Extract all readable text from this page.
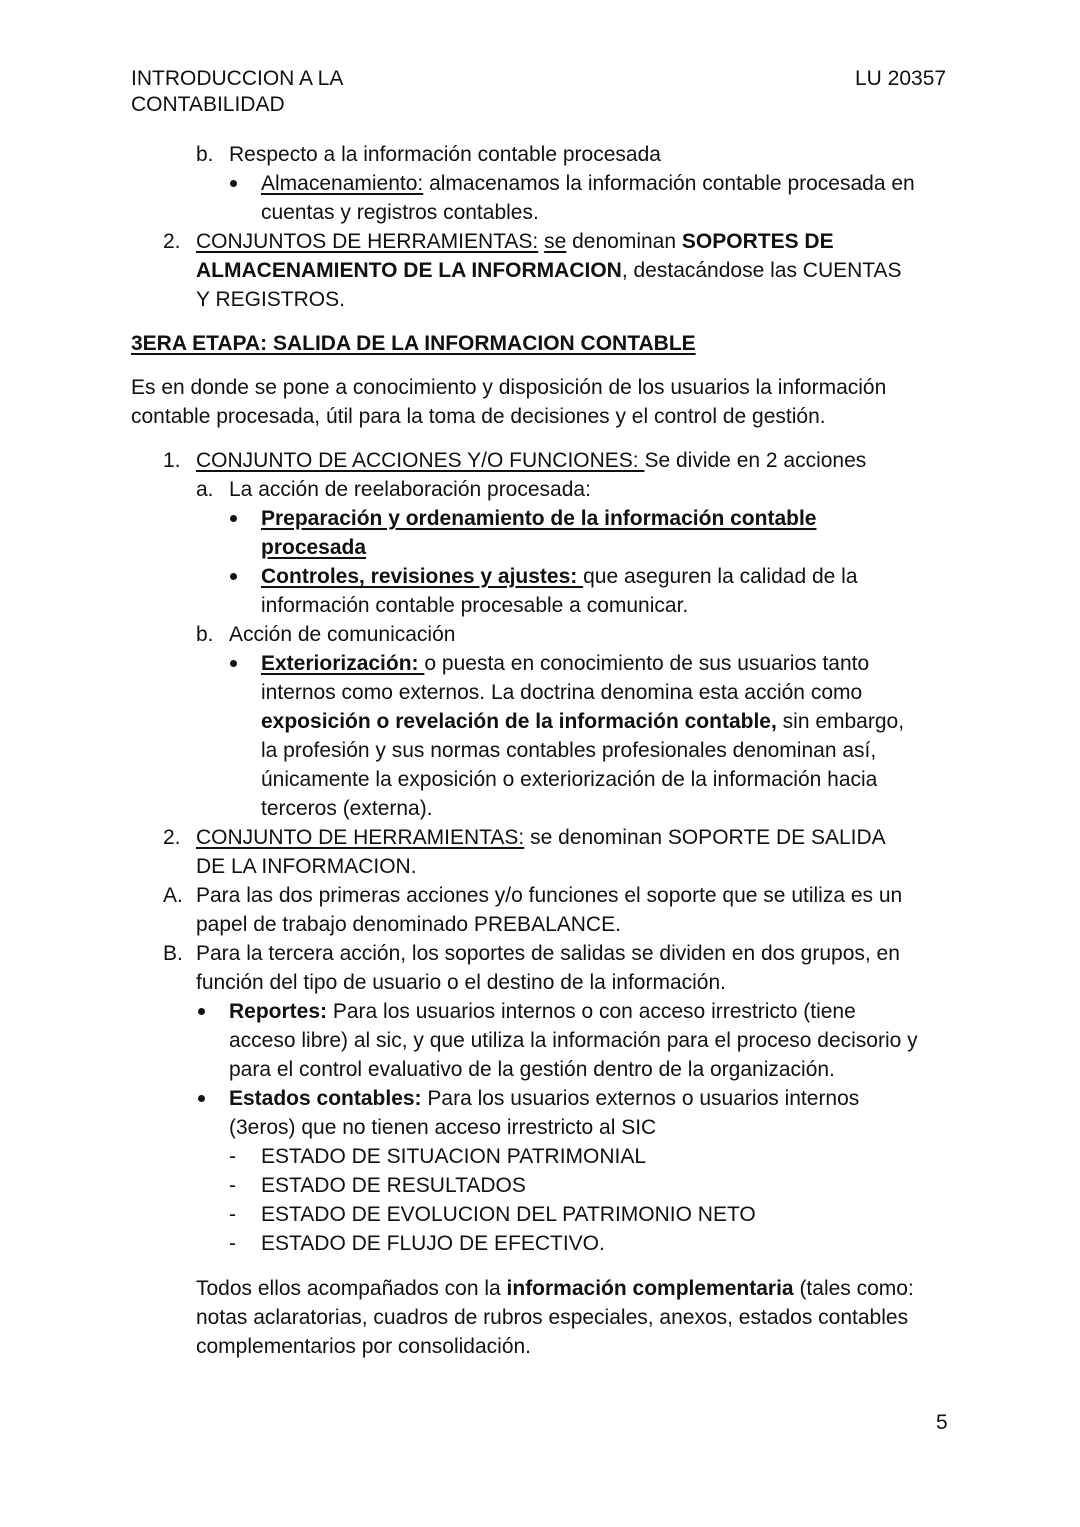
INTRODUCCION A LA
CONTABILIDAD
LU 20357
b. Respecto a la información contable procesada
Almacenamiento: almacenamos la información contable procesada en
cuentas y registros contables.
2. CONJUNTOS DE HERRAMIENTAS: se denominan SOPORTES DE
ALMACENAMIENTO DE LA INFORMACION, destacándose las CUENTAS
Y REGISTROS.
3ERA ETAPA: SALIDA DE LA INFORMACION CONTABLE
Es en donde se pone a conocimiento y disposición de los usuarios la información
contable procesada, útil para la toma de decisiones y el control de gestión.
1. CONJUNTO DE ACCIONES Y/O FUNCIONES: Se divide en 2 acciones
a. La acción de reelaboración procesada:
Preparación y ordenamiento de la información contable
procesada
Controles, revisiones y ajustes: que aseguren la calidad de la
información contable procesable a comunicar.
b. Acción de comunicación
Exteriorización: o puesta en conocimiento de sus usuarios tanto
internos como externos. La doctrina denomina esta acción como
exposición o revelación de la información contable, sin embargo,
la profesión y sus normas contables profesionales denominan así,
únicamente la exposición o exteriorización de la información hacia
terceros (externa).
2. CONJUNTO DE HERRAMIENTAS: se denominan SOPORTE DE SALIDA
DE LA INFORMACION.
A. Para las dos primeras acciones y/o funciones el soporte que se utiliza es un
papel de trabajo denominado PREBALANCE.
B. Para la tercera acción, los soportes de salidas se dividen en dos grupos, en
función del tipo de usuario o el destino de la información.
Reportes: Para los usuarios internos o con acceso irrestricto (tiene
acceso libre) al sic, y que utiliza la información para el proceso decisorio y
para el control evaluativo de la gestión dentro de la organización.
Estados contables: Para los usuarios externos o usuarios internos
(3eros) que no tienen acceso irrestricto al SIC
- ESTADO DE SITUACION PATRIMONIAL
- ESTADO DE RESULTADOS
- ESTADO DE EVOLUCION DEL PATRIMONIO NETO
- ESTADO DE FLUJO DE EFECTIVO.
Todos ellos acompañados con la información complementaria (tales como:
notas aclaratorias, cuadros de rubros especiales, anexos, estados contables
complementarios por consolidación.
5
